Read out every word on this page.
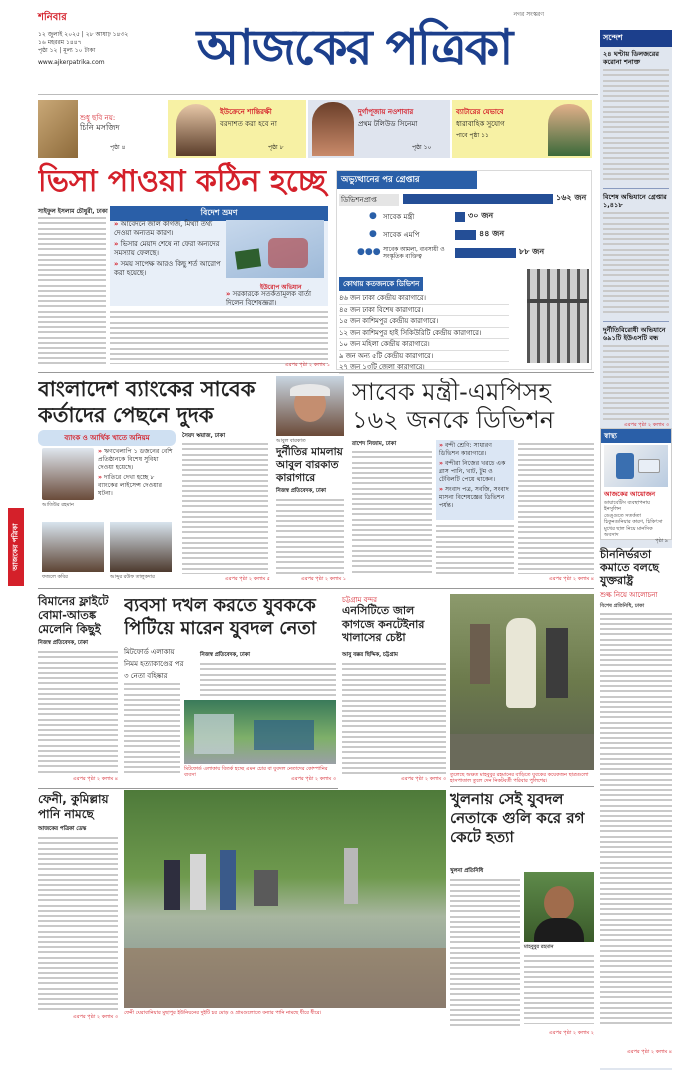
শনিবার
১২ জুলাই ২০২৫ | ২৮ আষাঢ় ১৪৩২
১৬ মহররম ১৪৪৭
পৃষ্ঠা ১২ | মূল্য ১০ টাকা
www.ajkerpatrika.com	আজকের পত্রিকা
নগর সংস্করণ
শুধু ছবি নয়:
চিনি মসজিদ
পৃষ্ঠা ৪
ইউক্রেনে শান্তিরক্ষী
বরদাশত করা হবে না
পৃষ্ঠা ৮
দুর্গাপূজায় নওশাবার
প্রথম টলিউড সিনেমা
পৃষ্ঠা ১০
ব্যাটারের যেভাবে
ধারাবাহিক সুযোগ
পাবে পৃষ্ঠা ১১
সন্দেশ
২৪ ঘণ্টায় ডিলজরের করোনা শনাক্ত
বিশেষ অভিযানে গ্রেপ্তার ১,৪১৮
দুর্নীতিবিরোধী অভিযানে ৬৯১টি ইউএসটি বন্ধ
এরপর পৃষ্ঠা ২ কলাম ৩
স্বাস্থ্য
আজকের আয়োজন
ডায়াবেটিস ব্যবস্থাপনায় ইনসুলিন
ডেঙ্গুতে সতর্কতা
চিকুনগুনিয়ার কারণ, চিকিৎসা
মুখের ছাল নিয়ে মানসিক অবসাদ
পৃষ্ঠা ৯
চীননির্ভরতা কমাতে বলছে যুক্তরাষ্ট্র
শুল্ক নিয়ে আলোচনা
বিশেষ প্রতিনিধি, ঢাকা
এরপর পৃষ্ঠা ২ কলাম ৪
আজকের পত্রিকা
ভিসা পাওয়া কঠিন হচ্ছে
সাইফুল ইসলাম চৌধুরী, ঢাকা	বিদেশ ভ্রমণ
» আবেদনে জাল কাগজ, মিথ্যা তথ্য দেওয়া অন্যতম কারণ।
» ভিসার মেয়াদ শেষে না ফেরা অন্যদের সমস্যায় ফেলছে।
» সময় সাপেক্ষ আরও কিছু শর্ত আরোপ করা হয়েছে।
ইউরোপ অভিযান
» সরকারকে সতর্কতামূলক বার্তা দিলেন বিশেষজ্ঞরা।
এরপর পৃষ্ঠা ২ কলাম ১
অভ্যুত্থানের পর গ্রেপ্তার
ডিভিশনপ্রাপ্ত	১৬২ জন
● সাবেক মন্ত্রী	৩০ জন
● সাবেক এমপি	৪৪ জন
●●● সাবেক আমলা, ব্যবসায়ী ও সংস্কৃতিক ব্যক্তিত্ব
৮৮ জন
কোথায় কতজনকে ডিভিশন
৪৬ জন ঢাকা কেন্দ্রীয় কারাগারে।
৪৫ জন ঢাকা বিশেষ কারাগারে।
১৫ জন কাশিমপুর কেন্দ্রীয় কারাগারে।
১২ জন কাশিমপুর হাই সিকিউরিটি কেন্দ্রীয় কারাগারে।
১০ জন মহিলা কেন্দ্রীয় কারাগারে।
৯ জন অন্য ৫টি কেন্দ্রীয় কারাগারে।
২৭ জন ১৩টি জেলা কারাগারে।
বাংলাদেশ ব্যাংকের সাবেক
কর্তাদের পেছনে দুদক
ব্যাংক ও আর্থিক খাতে অনিয়ম
আতিউর রহমান
» ঋণখেলাপি ১ ডজনের বেশি প্রতিষ্ঠানকে বিশেষ সুবিধা দেওয়া হয়েছে।
» দাতিরে দেখা হচ্ছে ৮ ব্যাংকের লাইসেন্স দেওয়ার ঘটনা।
ফজলে কবির	আব্দুর রউফ তালুকদার
সৈয়দ ঋয়াজ, ঢাকা
এরপর পৃষ্ঠা ২ কলাম ৫
আবুল বারকাত
দুর্নীতির মামলায় আবুল বারকাত কারাগারে
নিজস্ব প্রতিবেদক, ঢাকা
এরপর পৃষ্ঠা ২ কলাম ১
সাবেক মন্ত্রী-এমপিসহ
১৬২ জনকে ডিভিশন
রাশেদ নিজাম, ঢাকা	» বন্দী শ্রেণি: সাধারণ ডিভিশন কারাগারে।
» বন্দীরা নিজের খরচে এক গ্লাস পানি, খাট, টুম ও টেবিলটি পেয়ে থাকেন।
» সংবাদ পত্র, সবজি, সংবাদ মাসনা বিশেষজ্ঞের ডিভিশন পর্যন্ত।
এরপর পৃষ্ঠা ২ কলাম ৪
বিমানের ফ্লাইটে বোমা-আতঙ্ক মেলেনি কিছুই
নিজস্ব প্রতিবেদক, ঢাকা
এরপর পৃষ্ঠা ২ কলাম ৪
ব্যবসা দখল করতে যুবককে
পিটিয়ে মারেন যুবদল নেতা
মিটফোর্ড এলাকায়
নিমম হত্যাকাণ্ডের পর
৩ নেতা বহিষ্কার
নিজস্ব প্রতিবেদক, ঢাকা
এরপর পৃষ্ঠা ২ কলাম ৩
মিটফোর্ড এলাকায় বিতর্ক হচ্ছে এমন চোর বা যুবদল নেতাদের কোম্পানির ব্যবসা
চট্টগ্রাম বন্দর
এনসিটিতে জাল কাগজে কনটেইনার খালাসের চেষ্টা
আবু বক্কর ছিদ্দিক, চট্টগ্রাম
এরপর পৃষ্ঠা ২ কলাম ৩
তুলেছে অক্ষত মাহবুবুর রহমানের বাড়িতে যুবকের কয়েকজন ছাত্রগুলো হাসপাতাল তুলে দেন নিকটবর্তী পরিবার পুলিশের।
ফেনী, কুমিল্লায় পানি নামছে
আজকের পত্রিকা ডেস্ক
এরপর পৃষ্ঠা ২ কলাম ৩
ফেনী ঘেরাবানিয়ার মুছাপুর ইউনিয়নের দুইটি চর মোড় ও গ্রামগুলোতে বন্যার পানি নামছে ধীরে ধীরে।
খুলনায় সেই যুবদল নেতাকে গুলি করে রগ কেটে হত্যা
খুলনা প্রতিনিধি
মাহবুবুর রহমান
এরপর পৃষ্ঠা ২ কলাম ২
